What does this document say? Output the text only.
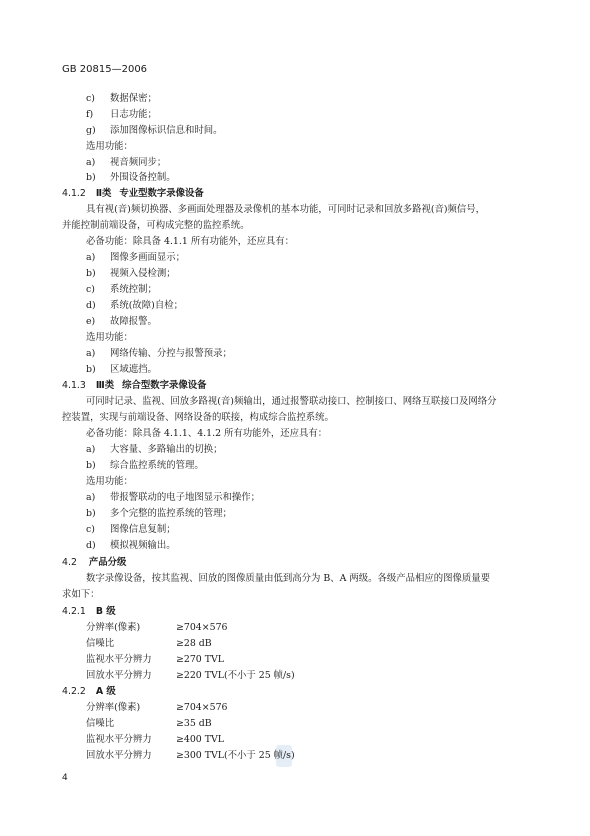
GB 20815—2006
c) 数据保密；
f) 日志功能；
g) 添加图像标识信息和时间。
选用功能：
a) 视音频同步；
b) 外围设备控制。
4.1.2 Ⅱ类 专业型数字录像设备
具有视(音)频切换器、多画面处理器及录像机的基本功能，可同时记录和回放多路视(音)频信号，
并能控制前端设备，可构成完整的监控系统。
必备功能：除具备 4.1.1 所有功能外，还应具有：
a) 图像多画面显示；
b) 视频入侵检测；
c) 系统控制；
d) 系统(故障)自检；
e) 故障报警。
选用功能：
a) 网络传输、分控与报警预录；
b) 区域遮挡。
4.1.3 Ⅲ类 综合型数字录像设备
可同时记录、监视、回放多路视(音)频输出，通过报警联动接口、控制接口、网络互联接口及网络分
控装置，实现与前端设备、网络设备的联接，构成综合监控系统。
必备功能：除具备 4.1.1、4.1.2 所有功能外，还应具有：
a) 大容量、多路输出的切换；
b) 综合监控系统的管理。
选用功能：
a) 带报警联动的电子地图显示和操作；
b) 多个完整的监控系统的管理；
c) 图像信息复制；
d) 模拟视频输出。
4.2 产品分级
数字录像设备，按其监视、回放的图像质量由低到高分为 B、A 两级。各级产品相应的图像质量要
求如下：
4.2.1 B 级
分辨率(像素)	≥704×576
信噪比	≥28 dB
监视水平分辨力	≥270 TVL
回放水平分辨力	≥220 TVL(不小于 25 帧/s)
4.2.2 A 级
分辨率(像素)	≥704×576
信噪比	≥35 dB
监视水平分辨力	≥400 TVL
回放水平分辨力	≥300 TVL(不小于 25 帧/s)
4
